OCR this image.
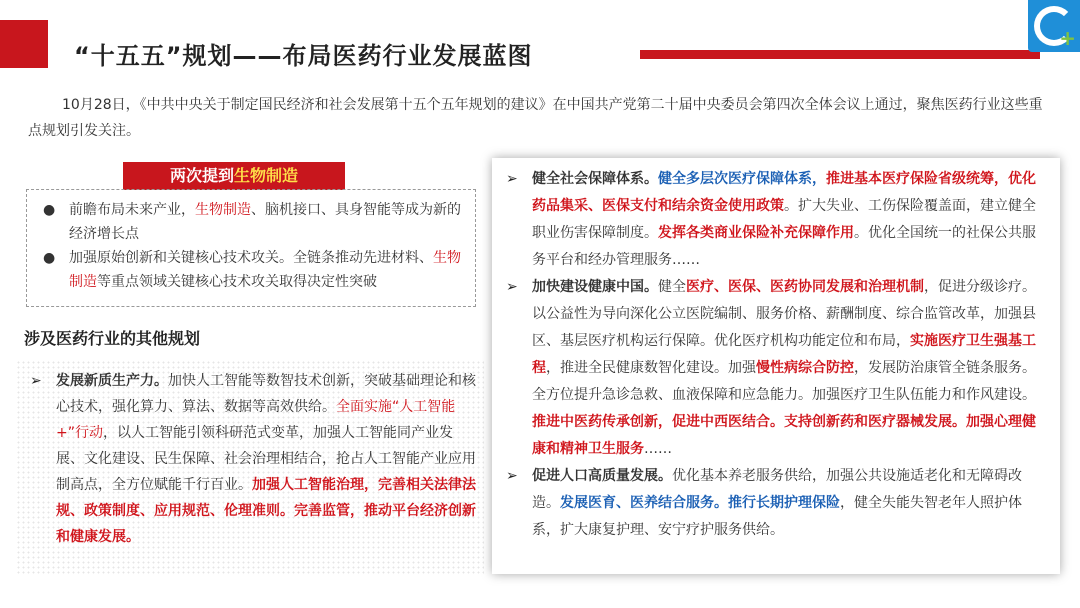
“十五五”规划——布局医药行业发展蓝图
+

10月28日，《中共中央关于制定国民经济和社会发展第十五个五年规划的建议》在中国共产党第二十届中央委员会第四次全体会议上通过，聚焦医药行业这些重点规划引发关注。

两次提到生物制造
● 前瞻布局未来产业，生物制造、脑机接口、具身智能等成为新的经济增长点
● 加强原始创新和关键核心技术攻关。全链条推动先进材料、生物制造等重点领域关键核心技术攻关取得决定性突破
涉及医药行业的其他规划
➢ 发展新质生产力。加快人工智能等数智技术创新，突破基础理论和核心技术，强化算力、算法、数据等高效供给。全面实施“人工智能+”行动，以人工智能引领科研范式变革，加强人工智能同产业发展、文化建设、民生保障、社会治理相结合，抢占人工智能产业应用制高点，全方位赋能千行百业。加强人工智能治理，完善相关法律法规、政策制度、应用规范、伦理准则。完善监管，推动平台经济创新和健康发展。
➢ 健全社会保障体系。健全多层次医疗保障体系，推进基本医疗保险省级统筹，优化药品集采、医保支付和结余资金使用政策。扩大失业、工伤保险覆盖面，建立健全职业伤害保障制度。发挥各类商业保险补充保障作用。优化全国统一的社保公共服务平台和经办管理服务……
➢ 加快建设健康中国。健全医疗、医保、医药协同发展和治理机制，促进分级诊疗。以公益性为导向深化公立医院编制、服务价格、薪酬制度、综合监管改革，加强县区、基层医疗机构运行保障。优化医疗机构功能定位和布局，实施医疗卫生强基工程，推进全民健康数智化建设。加强慢性病综合防控，发展防治康管全链条服务。全方位提升急诊急救、血液保障和应急能力。加强医疗卫生队伍能力和作风建设。推进中医药传承创新，促进中西医结合。支持创新药和医疗器械发展。加强心理健康和精神卫生服务……
➢ 促进人口高质量发展。优化基本养老服务供给，加强公共设施适老化和无障碍改造。发展医育、医养结合服务。推行长期护理保险，健全失能失智老年人照护体系，扩大康复护理、安宁疗护服务供给。
